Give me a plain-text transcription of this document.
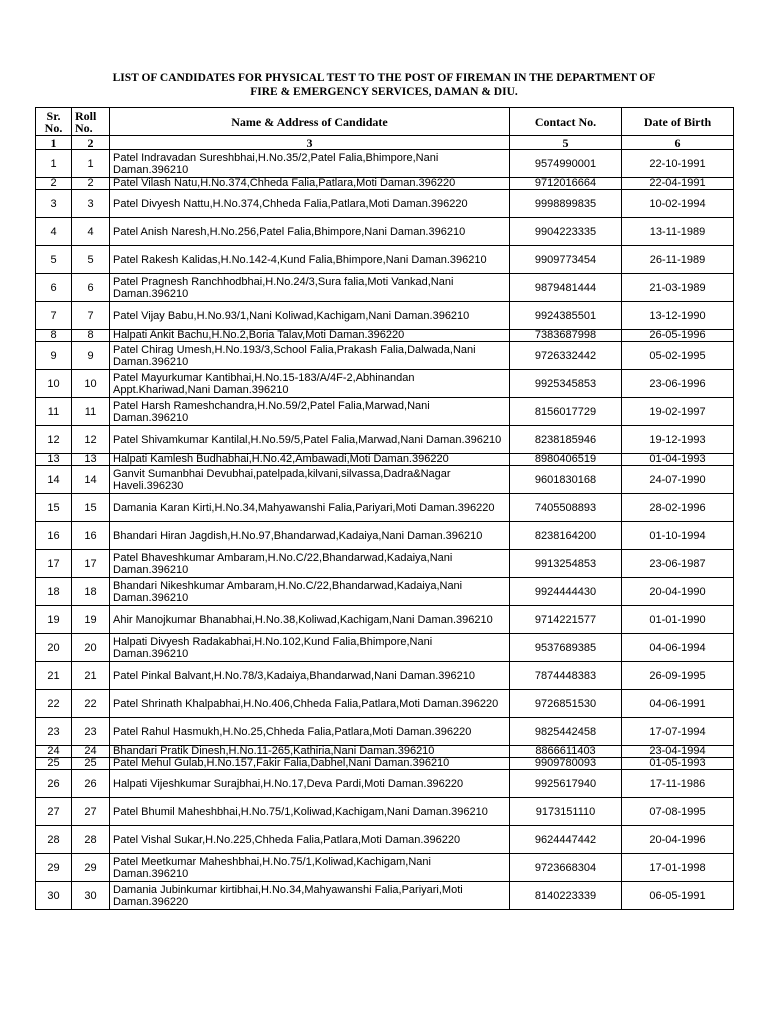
LIST OF CANDIDATES FOR PHYSICAL TEST TO THE POST OF FIREMAN IN THE DEPARTMENT OF
FIRE & EMERGENCY SERVICES, DAMAN & DIU.
Sr. No.	Roll No.	Name & Address of Candidate	Contact No.	Date of Birth
1	2	3	5	6
1	1	Patel Indravadan Sureshbhai,H.No.35/2,Patel Falia,Bhimpore,Nani Daman.396210	9574990001	22-10-1991
2	2	Patel Vilash Natu,H.No.374,Chheda Falia,Patlara,Moti Daman.396220	9712016664	22-04-1991
3	3	Patel Divyesh Nattu,H.No.374,Chheda Falia,Patlara,Moti Daman.396220	9998899835	10-02-1994
4	4	Patel Anish Naresh,H.No.256,Patel Falia,Bhimpore,Nani Daman.396210	9904223335	13-11-1989
5	5	Patel Rakesh Kalidas,H.No.142-4,Kund Falia,Bhimpore,Nani Daman.396210	9909773454	26-11-1989
6	6	Patel Pragnesh Ranchhodbhai,H.No.24/3,Sura falia,Moti Vankad,Nani Daman.396210	9879481444	21-03-1989
7	7	Patel Vijay Babu,H.No.93/1,Nani Koliwad,Kachigam,Nani Daman.396210	9924385501	13-12-1990
8	8	Halpati Ankit Bachu,H.No.2,Boria Talav,Moti Daman.396220	7383687998	26-05-1996
9	9	Patel Chirag Umesh,H.No.193/3,School Falia,Prakash Falia,Dalwada,Nani Daman.396210	9726332442	05-02-1995
10	10	Patel Mayurkumar Kantibhai,H.No.15-183/A/4F-2,Abhinandan Appt.Khariwad,Nani Daman.396210	9925345853	23-06-1996
11	11	Patel Harsh Rameshchandra,H.No.59/2,Patel Falia,Marwad,Nani Daman.396210	8156017729	19-02-1997
12	12	Patel Shivamkumar Kantilal,H.No.59/5,Patel Falia,Marwad,Nani Daman.396210	8238185946	19-12-1993
13	13	Halpati Kamlesh Budhabhai,H.No.42,Ambawadi,Moti Daman.396220	8980406519	01-04-1993
14	14	Ganvit Sumanbhai Devubhai,patelpada,kilvani,silvassa,Dadra&Nagar Haveli.396230	9601830168	24-07-1990
15	15	Damania Karan Kirti,H.No.34,Mahyawanshi Falia,Pariyari,Moti Daman.396220	7405508893	28-02-1996
16	16	Bhandari Hiran Jagdish,H.No.97,Bhandarwad,Kadaiya,Nani Daman.396210	8238164200	01-10-1994
17	17	Patel Bhaveshkumar Ambaram,H.No.C/22,Bhandarwad,Kadaiya,Nani Daman.396210	9913254853	23-06-1987
18	18	Bhandari Nikeshkumar Ambaram,H.No.C/22,Bhandarwad,Kadaiya,Nani Daman.396210	9924444430	20-04-1990
19	19	Ahir Manojkumar Bhanabhai,H.No.38,Koliwad,Kachigam,Nani Daman.396210	9714221577	01-01-1990
20	20	Halpati Divyesh Radakabhai,H.No.102,Kund Falia,Bhimpore,Nani Daman.396210	9537689385	04-06-1994
21	21	Patel Pinkal Balvant,H.No.78/3,Kadaiya,Bhandarwad,Nani Daman.396210	7874448383	26-09-1995
22	22	Patel Shrinath Khalpabhai,H.No.406,Chheda Falia,Patlara,Moti Daman.396220	9726851530	04-06-1991
23	23	Patel Rahul Hasmukh,H.No.25,Chheda Falia,Patlara,Moti Daman.396220	9825442458	17-07-1994
24	24	Bhandari Pratik Dinesh,H.No.11-265,Kathiria,Nani Daman.396210	8866611403	23-04-1994
25	25	Patel Mehul Gulab,H.No.157,Fakir Falia,Dabhel,Nani Daman.396210	9909780093	01-05-1993
26	26	Halpati Vijeshkumar Surajbhai,H.No.17,Deva Pardi,Moti Daman.396220	9925617940	17-11-1986
27	27	Patel Bhumil Maheshbhai,H.No.75/1,Koliwad,Kachigam,Nani Daman.396210	9173151110	07-08-1995
28	28	Patel Vishal Sukar,H.No.225,Chheda Falia,Patlara,Moti Daman.396220	9624447442	20-04-1996
29	29	Patel Meetkumar Maheshbhai,H.No.75/1,Koliwad,Kachigam,Nani Daman.396210	9723668304	17-01-1998
30	30	Damania Jubinkumar kirtibhai,H.No.34,Mahyawanshi Falia,Pariyari,Moti Daman.396220	8140223339	06-05-1991
